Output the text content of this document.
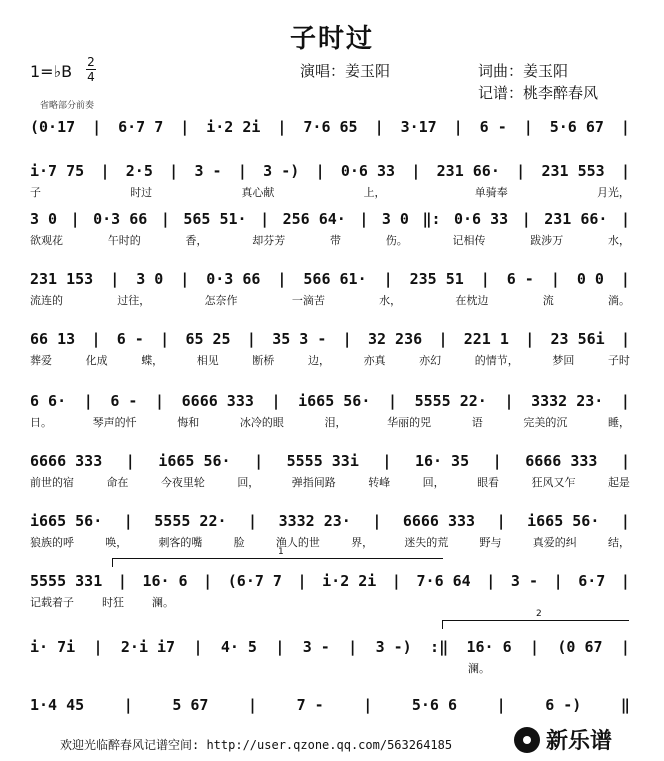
子时过
1=♭B 2
4	演唱：姜玉阳	词曲：姜玉阳
记谱：桃李醉春风
省略部分前奏
(0·17 | 6·7 7 | i·2 2i | 7·6 65 | 3·17 | 6 - | 5·6 67 |
i·7 75 | 2·5 | 3 - | 3 -) | 0·6 33 | 231 66· | 231 553 |
子	时过	真心献	上，	单骑奉	月光，
3 0 | 0·3 66 | 565 51· | 256 64· | 3 0 ‖: 0·6 33 | 231 66· |
欲观花	午时的	香，	却芬芳	带	伤。	记相传	跋涉万	水，
231 153 | 3 0 | 0·3 66 | 566 61· | 235 51 | 6 - | 0 0 |
流连的	过往，	怎奈作	一滴苦	水，	在枕边	流	淌。
66 13 | 6 - | 65 25 | 35 3 - | 32 236 | 221 1 | 23 56i |
葬爱	化成	蝶，	相见	断桥	边，	亦真	亦幻	的情节，	梦回	子时
6 6· | 6 - | 6666 333 | i665 56· | 5555 22· | 3332 23· |
日。	琴声的忏	悔和	冰冷的眼	泪，	华丽的兕	语	完美的沉	睡，
6666 333 | i665 56· | 5555 33i | 16· 35 | 6666 333 |
前世的宿	命在	今夜里轮	回，	弹指间路	转峰	回，	眼看	狂风又乍	起是
i665 56· | 5555 22· | 3332 23· | 6666 333 | i665 56· |
狼族的呼	唤，	刺客的嘴	脸	渔人的世	界，	迷失的荒	野与	真爱的纠	结，
5555 331 | 16· 6 | (6·7 7 | i·2 2i | 7·6 64 | 3 - | 6·7 |
记载着子	时狂	澜。
i· 7i | 2·i i7 | 4· 5 | 3 - | 3 -) :‖ 16· 6 | (0 67 |
澜。
1·4 45	|	5 67	|	7 -	|	5·6 6	|	6 -)	‖
1
2
欢迎光临醉春风记谱空间: http://user.qzone.qq.com/563264185	新乐谱
